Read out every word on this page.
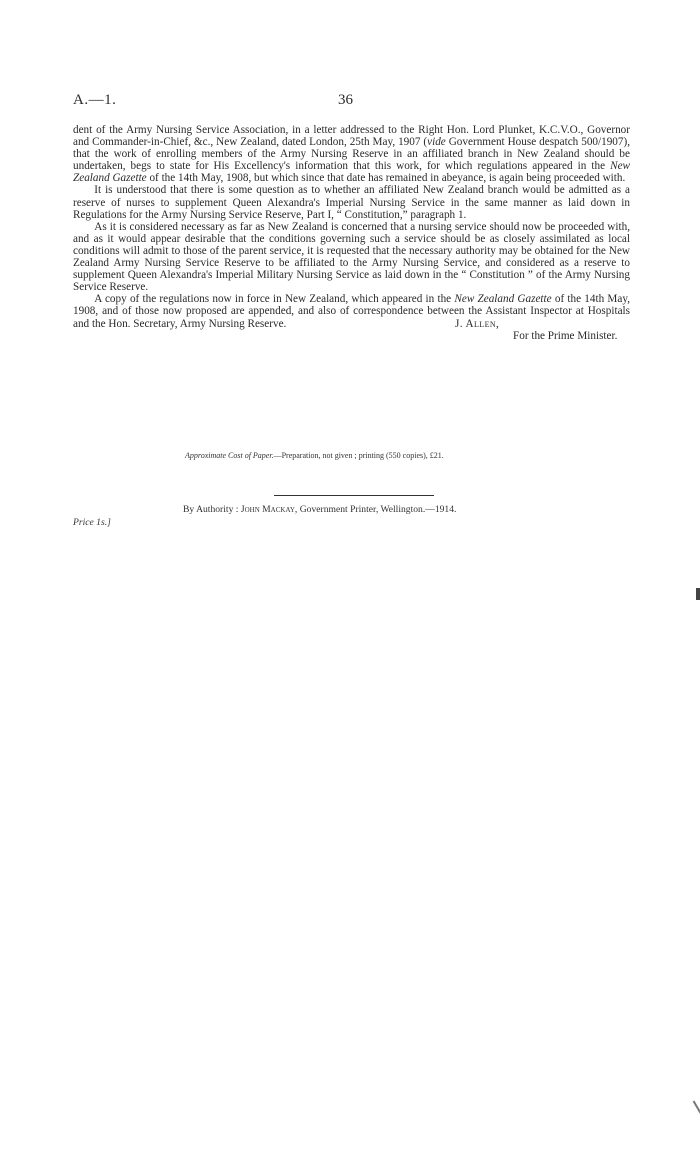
A.—1.	36

dent of the Army Nursing Service Association, in a letter addressed to the Right Hon. Lord Plunket, K.C.V.O., Governor and Commander-in-Chief, &c., New Zealand, dated London, 25th May, 1907 (vide Government House despatch 500/1907), that the work of enrolling members of the Army Nursing Reserve in an affiliated branch in New Zealand should be undertaken, begs to state for His Excellency's information that this work, for which regulations appeared in the New Zealand Gazette of the 14th May, 1908, but which since that date has remained in abeyance, is again being proceeded with.

It is understood that there is some question as to whether an affiliated New Zealand branch would be admitted as a reserve of nurses to supplement Queen Alexandra's Imperial Nursing Service in the same manner as laid down in Regulations for the Army Nursing Service Reserve, Part I, “ Constitution,” paragraph 1.

As it is considered necessary as far as New Zealand is concerned that a nursing service should now be proceeded with, and as it would appear desirable that the conditions governing such a service should be as closely assimilated as local conditions will admit to those of the parent service, it is requested that the necessary authority may be obtained for the New Zealand Army Nursing Service Reserve to be affiliated to the Army Nursing Service, and considered as a reserve to supplement Queen Alexandra's Imperial Military Nursing Service as laid down in the “ Constitution ” of the Army Nursing Service Reserve.

A copy of the regulations now in force in New Zealand, which appeared in the New Zealand Gazette of the 14th May, 1908, and of those now proposed are appended, and also of correspondence between the Assistant Inspector at Hospitals and the Hon. Secretary, Army Nursing Reserve.	J. Allen,
For the Prime Minister.
Approximate Cost of Paper.—Preparation, not given ; printing (550 copies), £21.
By Authority : John Mackay, Government Printer, Wellington.—1914.
Price 1s.]
